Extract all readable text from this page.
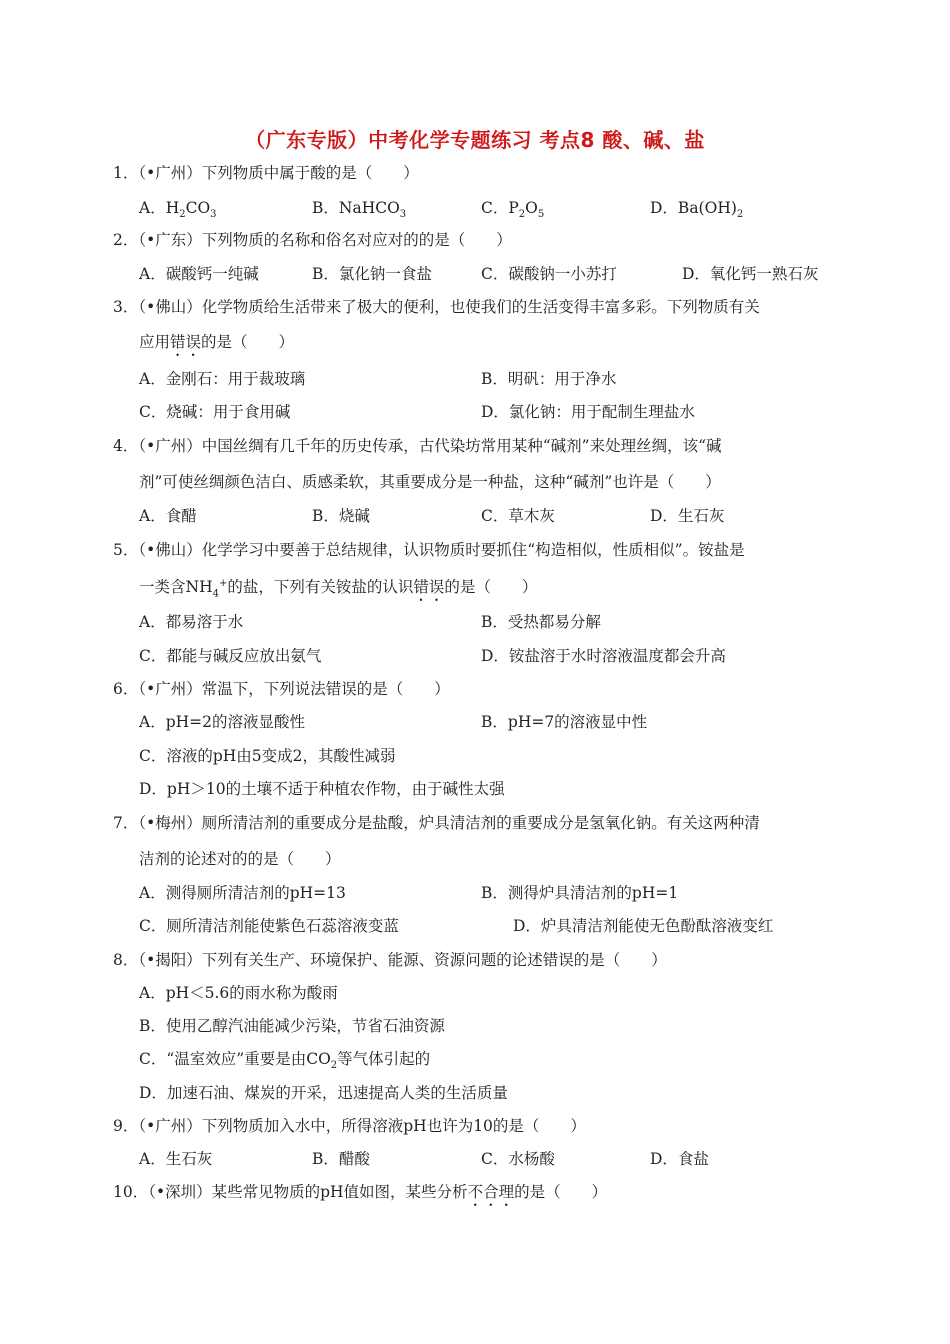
（广东专版）中考化学专题练习 考点8 酸、碱、盐
1．（•广州）下列物质中属于酸的是（　　）
A．$H_2CO_3$	B．NaHCO$_3$	C．$P_2O_5$	D．$Ba(OH)_2$
2．（•广东）下列物质的名称和俗名对应对的的是（　　）
A．碳酸钙一纯碱	B．氯化钠一食盐	C．碳酸钠一小苏打	D．氧化钙一熟石灰
3．（•佛山）化学物质给生活带来了极大的便利，也使我们的生活变得丰富多彩。下列物质有关
应用错误的是（　　）
A．金刚石：用于裁玻璃	B．明矾：用于净水
C．烧碱：用于食用碱	D．氯化钠：用于配制生理盐水
4．（•广州）中国丝绸有几千年的历史传承，古代染坊常用某种“碱剂”来处理丝绸，该“碱
剂”可使丝绸颜色洁白、质感柔软，其重要成分是一种盐，这种“碱剂”也许是（　　）
A．食醋	B．烧碱	C．草木灰	D．生石灰
5．（•佛山）化学学习中要善于总结规律，认识物质时要抓住“构造相似，性质相似”。铵盐是
一类含$NH_4^+$的盐，下列有关铵盐的认识错误的是（　　）
A．都易溶于水	B．受热都易分解
C．都能与碱反应放出氨气	D．铵盐溶于水时溶液温度都会升高
6．（•广州）常温下，下列说法错误的是（　　）
A．pH=2的溶液显酸性	B．pH=7的溶液显中性
C．溶液的pH由5变成2，其酸性减弱
D．pH＞10的土壤不适于种植农作物，由于碱性太强
7．（•梅州）厕所清洁剂的重要成分是盐酸，炉具清洁剂的重要成分是氢氧化钠。有关这两种清
洁剂的论述对的的是（　　）
A．测得厕所清洁剂的pH=13	B．测得炉具清洁剂的pH=1
C．厕所清洁剂能使紫色石蕊溶液变蓝	D．炉具清洁剂能使无色酚酞溶液变红
8．（•揭阳）下列有关生产、环境保护、能源、资源问题的论述错误的是（　　）
A．pH＜5.6的雨水称为酸雨
B．使用乙醇汽油能减少污染，节省石油资源
C．“温室效应”重要是由$CO_2$等气体引起的
D．加速石油、煤炭的开采，迅速提高人类的生活质量
9．（•广州）下列物质加入水中，所得溶液pH也许为10的是（　　）
A．生石灰	B．醋酸	C．水杨酸	D．食盐
10．（•深圳）某些常见物质的pH值如图，某些分析不合理的是（　　）
